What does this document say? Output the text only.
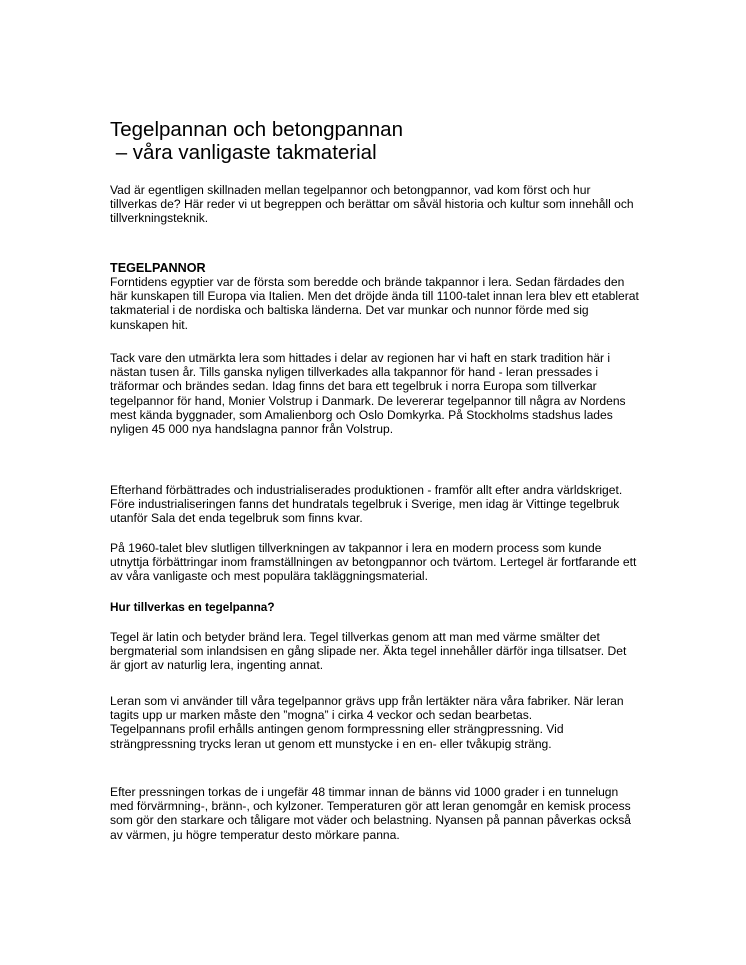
Tegelpannan och betongpannan
– våra vanligaste takmaterial

Vad är egentligen skillnaden mellan tegelpannor och betongpannor, vad kom först och hur tillverkas de? Här reder vi ut begreppen och berättar om såväl historia och kultur som innehåll och tillverkningsteknik.

TEGELPANNOR

Forntidens egyptier var de första som beredde och brände takpannor i lera. Sedan färdades den här kunskapen till Europa via Italien. Men det dröjde ända till 1100-talet innan lera blev ett etablerat takmaterial i de nordiska och baltiska länderna. Det var munkar och nunnor förde med sig kunskapen hit.

Tack vare den utmärkta lera som hittades i delar av regionen har vi haft en stark tradition här i nästan tusen år. Tills ganska nyligen tillverkades alla takpannor för hand - leran pressades i träformar och brändes sedan. Idag finns det bara ett tegelbruk i norra Europa som tillverkar tegelpannor för hand, Monier Volstrup i Danmark. De levererar tegelpannor till några av Nordens mest kända byggnader, som Amalienborg och Oslo Domkyrka. På Stockholms stadshus lades nyligen 45 000 nya handslagna pannor från Volstrup.

Efterhand förbättrades och industrialiserades produktionen - framför allt efter andra världskriget. Före industrialiseringen fanns det hundratals tegelbruk i Sverige, men idag är Vittinge tegelbruk utanför Sala det enda tegelbruk som finns kvar.

På 1960-talet blev slutligen tillverkningen av takpannor i lera en modern process som kunde utnyttja förbättringar inom framställningen av betongpannor och tvärtom. Lertegel är fortfarande ett av våra vanligaste och mest populära takläggningsmaterial.

Hur tillverkas en tegelpanna?

Tegel är latin och betyder bränd lera. Tegel tillverkas genom att man med värme smälter det bergmaterial som inlandsisen en gång slipade ner. Äkta tegel innehåller därför inga tillsatser. Det är gjort av naturlig lera, ingenting annat.

Leran som vi använder till våra tegelpannor grävs upp från lertäkter nära våra fabriker. När leran tagits upp ur marken måste den ”mogna” i cirka 4 veckor och sedan bearbetas.

Tegelpannans profil erhålls antingen genom formpressning eller strängpressning. Vid strängpressning trycks leran ut genom ett munstycke i en en- eller tvåkupig sträng.

Efter pressningen torkas de i ungefär 48 timmar innan de bänns vid 1000 grader i en tunnelugn med förvärmning-, bränn-, och kylzoner. Temperaturen gör att leran genomgår en kemisk process som gör den starkare och tåligare mot väder och belastning. Nyansen på pannan påverkas också av värmen, ju högre temperatur desto mörkare panna.
